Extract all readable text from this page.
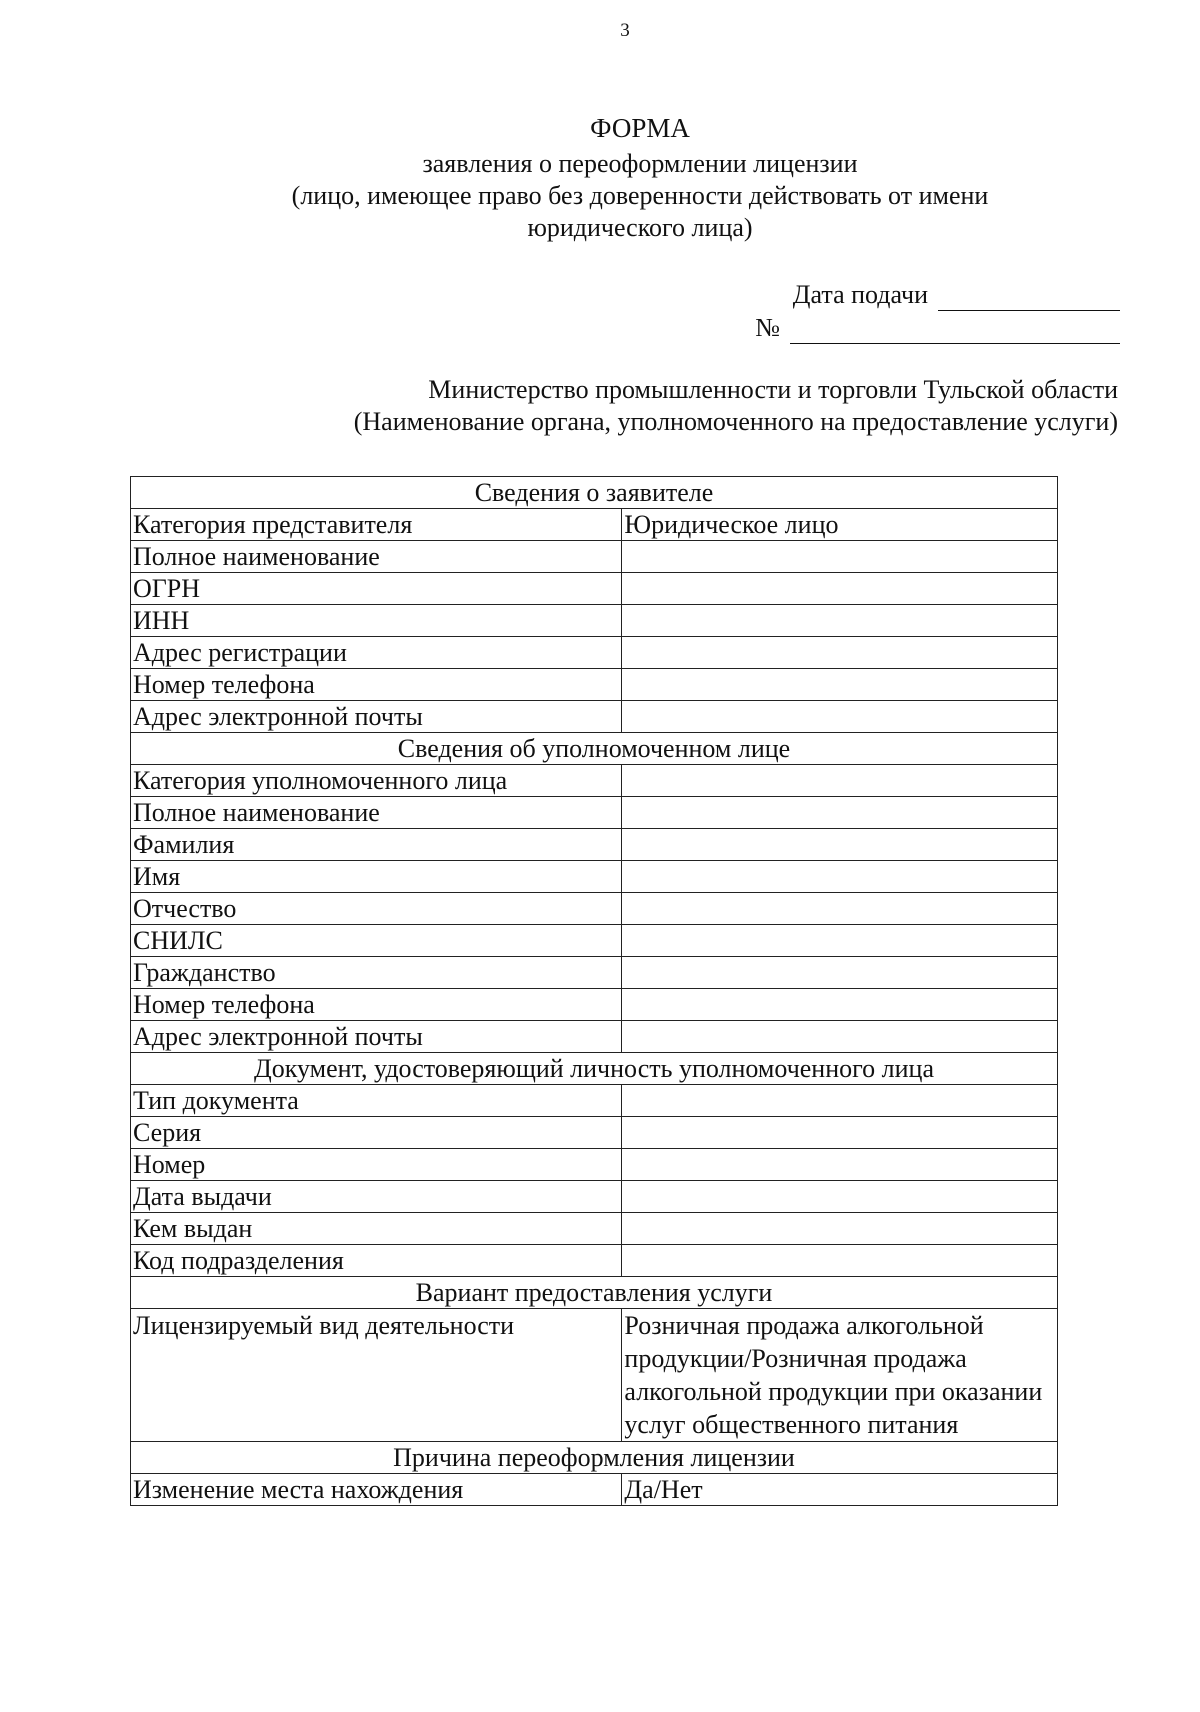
3
ФОРМА
заявления о переоформлении лицензии
(лицо, имеющее право без доверенности действовать от имени
юридического лица)
Дата подачи
№
Министерство промышленности и торговли Тульской области
(Наименование органа, уполномоченного на предоставление услуги)
Сведения о заявителе	
Категория представителя	Юридическое лицо
Полное наименование	
ОГРН	
ИНН	
Адрес регистрации	
Номер телефона	
Адрес электронной почты	
Сведения об уполномоченном лице	
Категория уполномоченного лица	
Полное наименование	
Фамилия	
Имя	
Отчество	
СНИЛС	
Гражданство	
Номер телефона	
Адрес электронной почты	
Документ, удостоверяющий личность уполномоченного лица	
Тип документа	
Серия	
Номер	
Дата выдачи	
Кем выдан	
Код подразделения	
Вариант предоставления услуги	
Лицензируемый вид деятельности	Розничная продажа алкогольной продукции/Розничная продажа алкогольной продукции при оказании услуг общественного питания
Причина переоформления лицензии	
Изменение места нахождения	Да/Нет
